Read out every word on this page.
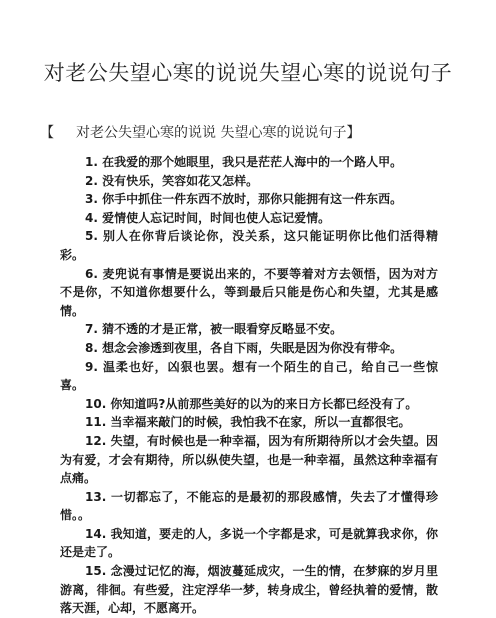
对老公失望心寒的说说失望心寒的说说句子
【 对老公失望心寒的说说 失望心寒的说说句子】
1. 在我爱的那个她眼里，我只是茫茫人海中的一个路人甲。
2. 没有快乐，笑容如花又怎样。
3. 你手中抓住一件东西不放时，那你只能拥有这一件东西。
4. 爱情使人忘记时间，时间也使人忘记爱情。
5. 别人在你背后谈论你，没关系，这只能证明你比他们活得精彩。
6. 麦兜说有事情是要说出来的，不要等着对方去领悟，因为对方不是你，不知道你想要什么，等到最后只能是伤心和失望，尤其是感情。
7. 猜不透的才是正常，被一眼看穿反略显不安。
8. 想念会渗透到夜里，各自下雨，失眠是因为你没有带伞。
9. 温柔也好，凶狠也罢。想有一个陌生的自己，给自己一些惊喜。
10. 你知道吗?从前那些美好的以为的来日方长都已经没有了。
11. 当幸福来敲门的时候，我怕我不在家，所以一直都很宅。
12. 失望，有时候也是一种幸福，因为有所期待所以才会失望。因为有爱，才会有期待，所以纵使失望，也是一种幸福，虽然这种幸福有点痛。
13. 一切都忘了，不能忘的是最初的那段感情，失去了才懂得珍惜。。
14. 我知道，要走的人，多说一个字都是求，可是就算我求你，你还是走了。
15. 念漫过记忆的海，烟波蔓延成灾，一生的情，在梦寐的岁月里游离，徘徊。有些爱，注定浮华一梦，转身成尘，曾经执着的爱情，散落天涯，心却，不愿离开。
